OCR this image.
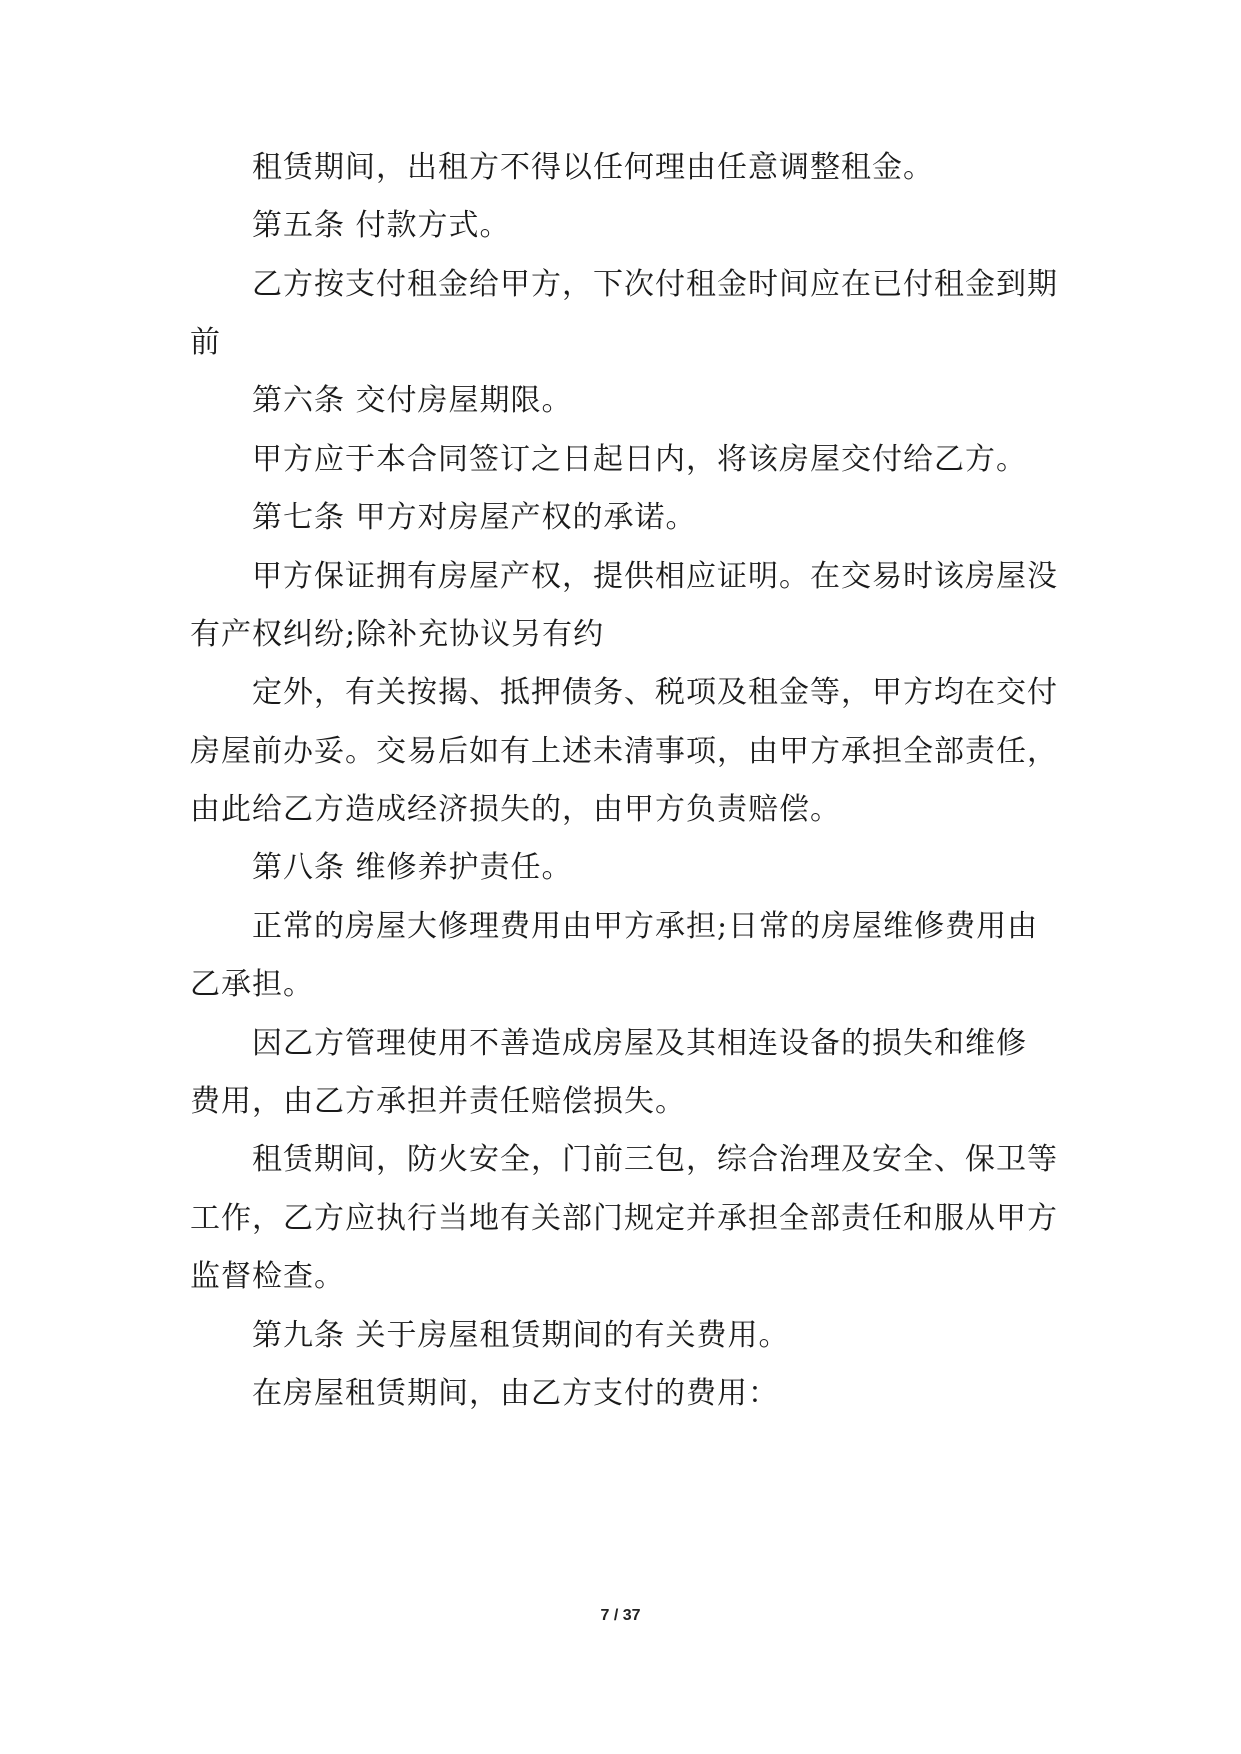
租赁期间，出租方不得以任何理由任意调整租金。
第五条 付款方式。
乙方按支付租金给甲方，下次付租金时间应在已付租金到期
前
第六条 交付房屋期限。
甲方应于本合同签订之日起日内，将该房屋交付给乙方。
第七条 甲方对房屋产权的承诺。
甲方保证拥有房屋产权，提供相应证明。在交易时该房屋没
有产权纠纷;除补充协议另有约
定外，有关按揭、抵押债务、税项及租金等，甲方均在交付
房屋前办妥。交易后如有上述未清事项，由甲方承担全部责任，
由此给乙方造成经济损失的，由甲方负责赔偿。
第八条 维修养护责任。
正常的房屋大修理费用由甲方承担;日常的房屋维修费用由
乙承担。
因乙方管理使用不善造成房屋及其相连设备的损失和维修
费用，由乙方承担并责任赔偿损失。
租赁期间，防火安全，门前三包，综合治理及安全、保卫等
工作，乙方应执行当地有关部门规定并承担全部责任和服从甲方
监督检查。
第九条 关于房屋租赁期间的有关费用。
在房屋租赁期间，由乙方支付的费用：
7 / 37
